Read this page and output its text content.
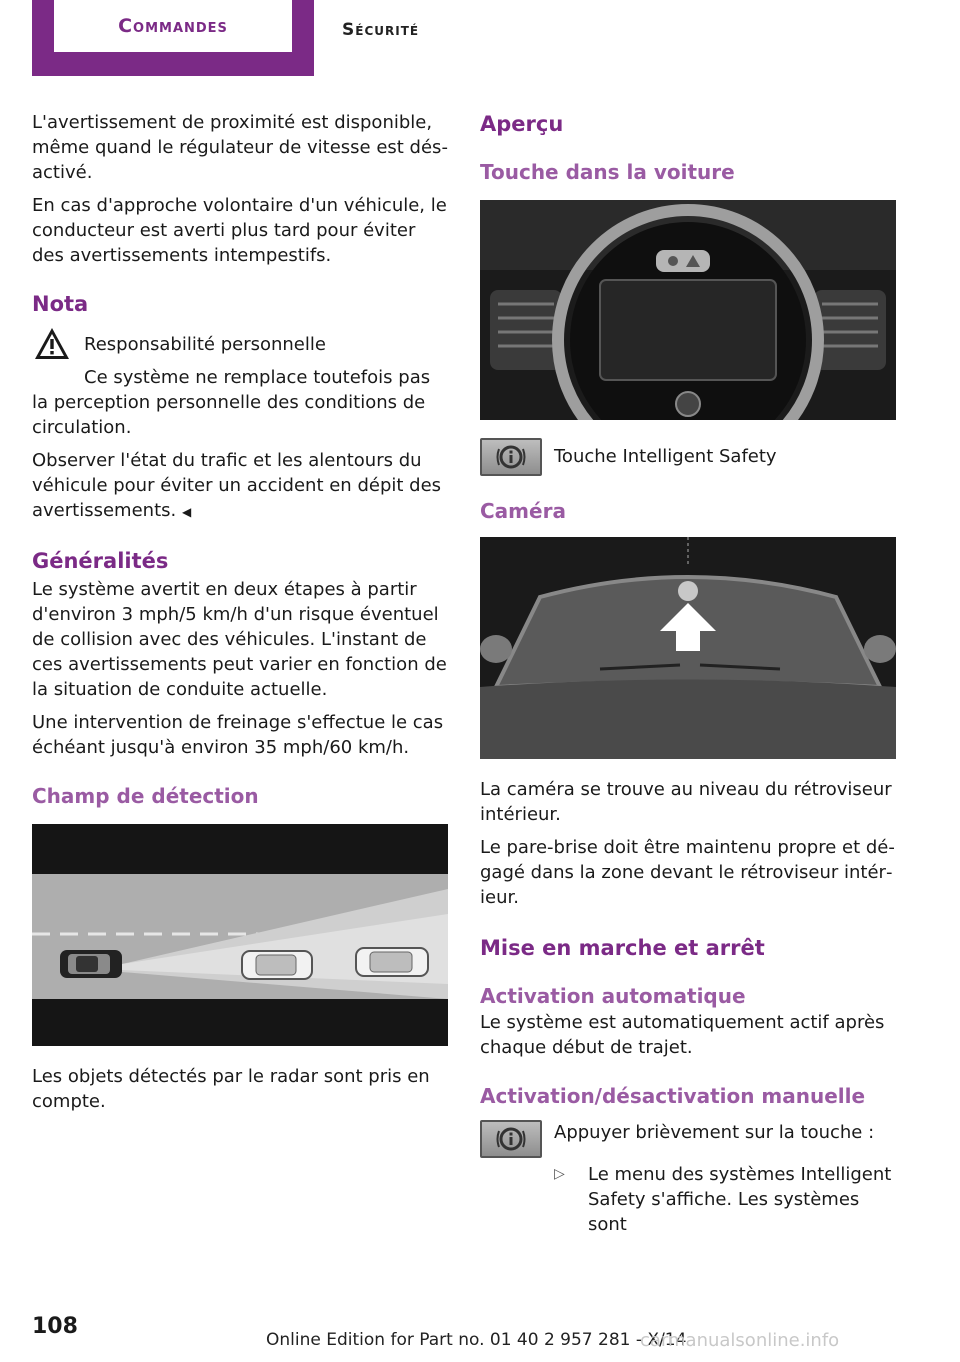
Commandes	Sécurité

L'avertissement de proximité est disponible, même quand le régulateur de vitesse est désactivé.

En cas d'approche volontaire d'un véhicule, le conducteur est averti plus tard pour éviter des avertissements intempestifs.

Nota

Responsabilité personnelle

Ce système ne remplace toutefois pas la perception personnelle des conditions de circulation.

Observer l'état du trafic et les alentours du véhicule pour éviter un accident en dépit des avertissements. ◀

Généralités

Le système avertit en deux étapes à partir d'environ 3 mph/5 km/h d'un risque éventuel de collision avec des véhicules. L'instant de ces avertissements peut varier en fonction de la situation de conduite actuelle.

Une intervention de freinage s'effectue le cas échéant jusqu'à environ 35 mph/60 km/h.

Champ de détection

Les objets détectés par le radar sont pris en compte.

Aperçu
Touche dans la voiture

Touche Intelligent Safety

Caméra

La caméra se trouve au niveau du rétroviseur intérieur.

Le pare-brise doit être maintenu propre et dégagé dans la zone devant le rétroviseur intérieur.

Mise en marche et arrêt
Activation automatique

Le système est automatiquement actif après chaque début de trajet.

Activation/désactivation manuelle

Appuyer brièvement sur la touche :

▷	Le menu des systèmes Intelligent Safety s'affiche. Les systèmes sont

108
Online Edition for Part no. 01 40 2 957 281 - X/14
carmanualsonline.info
